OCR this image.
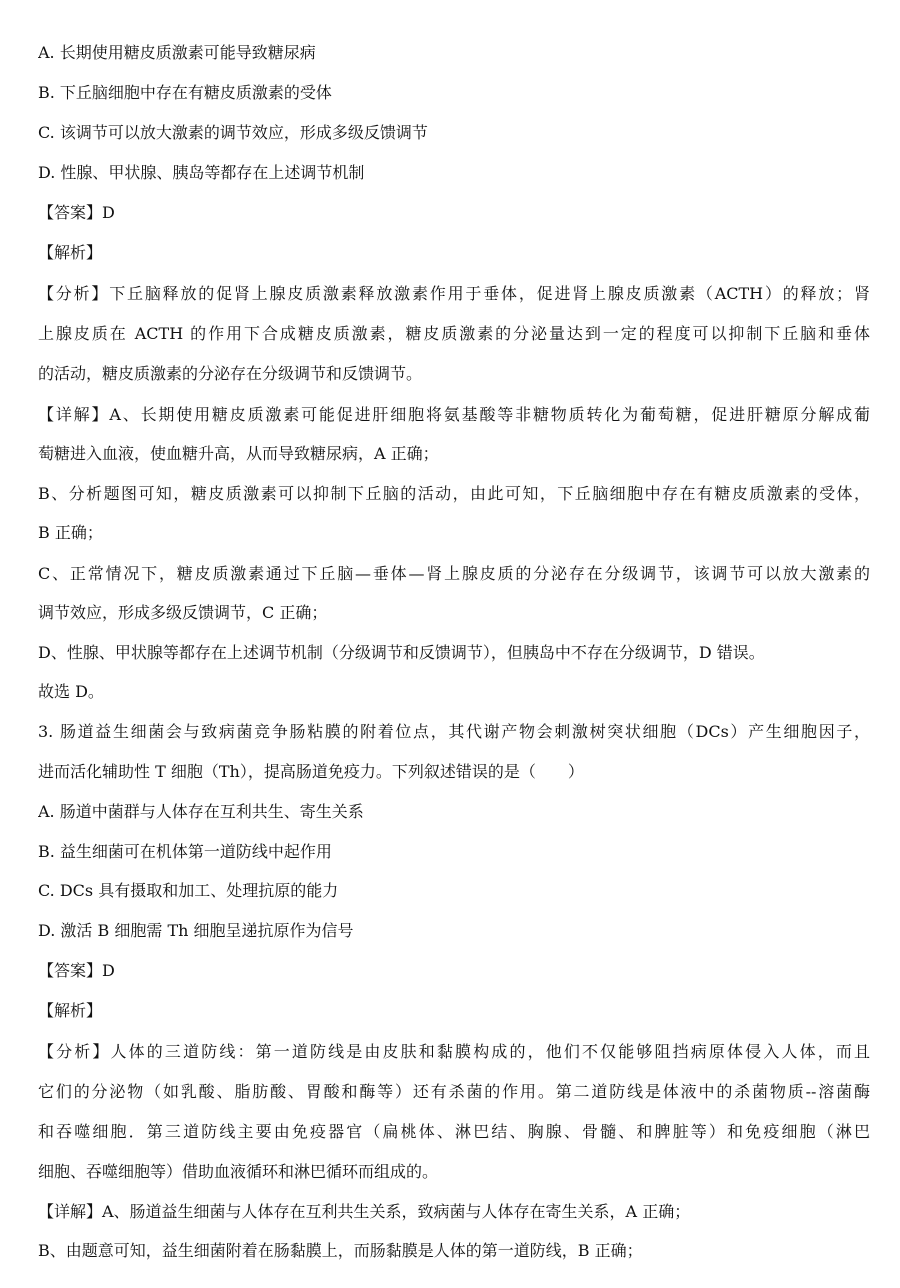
A. 长期使用糖皮质激素可能导致糖尿病
B. 下丘脑细胞中存在有糖皮质激素的受体
C. 该调节可以放大激素的调节效应，形成多级反馈调节
D. 性腺、甲状腺、胰岛等都存在上述调节机制
【答案】D
【解析】
【分析】下丘脑释放的促肾上腺皮质激素释放激素作用于垂体，促进肾上腺皮质激素（ACTH）的释放；肾
上腺皮质在 ACTH 的作用下合成糖皮质激素，糖皮质激素的分泌量达到一定的程度可以抑制下丘脑和垂体
的活动，糖皮质激素的分泌存在分级调节和反馈调节。
【详解】A、长期使用糖皮质激素可能促进肝细胞将氨基酸等非糖物质转化为葡萄糖，促进肝糖原分解成葡
萄糖进入血液，使血糖升高，从而导致糖尿病，A 正确；
B、分析题图可知，糖皮质激素可以抑制下丘脑的活动，由此可知，下丘脑细胞中存在有糖皮质激素的受体，
B 正确；
C、正常情况下，糖皮质激素通过下丘脑—垂体—肾上腺皮质的分泌存在分级调节，该调节可以放大激素的
调节效应，形成多级反馈调节，C 正确；
D、性腺、甲状腺等都存在上述调节机制（分级调节和反馈调节），但胰岛中不存在分级调节，D 错误。
故选 D。
3. 肠道益生细菌会与致病菌竞争肠粘膜的附着位点，其代谢产物会刺激树突状细胞（DCs）产生细胞因子，
进而活化辅助性 T 细胞（Th），提高肠道免疫力。下列叙述错误的是（　　）
A. 肠道中菌群与人体存在互利共生、寄生关系
B. 益生细菌可在机体第一道防线中起作用
C. DCs 具有摄取和加工、处理抗原的能力
D. 激活 B 细胞需 Th 细胞呈递抗原作为信号
【答案】D
【解析】
【分析】人体的三道防线：第一道防线是由皮肤和黏膜构成的，他们不仅能够阻挡病原体侵入人体，而且
它们的分泌物（如乳酸、脂肪酸、胃酸和酶等）还有杀菌的作用。第二道防线是体液中的杀菌物质--溶菌酶
和吞噬细胞．第三道防线主要由免疫器官（扁桃体、淋巴结、胸腺、骨髓、和脾脏等）和免疫细胞（淋巴
细胞、吞噬细胞等）借助血液循环和淋巴循环而组成的。
【详解】A、肠道益生细菌与人体存在互利共生关系，致病菌与人体存在寄生关系，A 正确；
B、由题意可知，益生细菌附着在肠黏膜上，而肠黏膜是人体的第一道防线，B 正确；
